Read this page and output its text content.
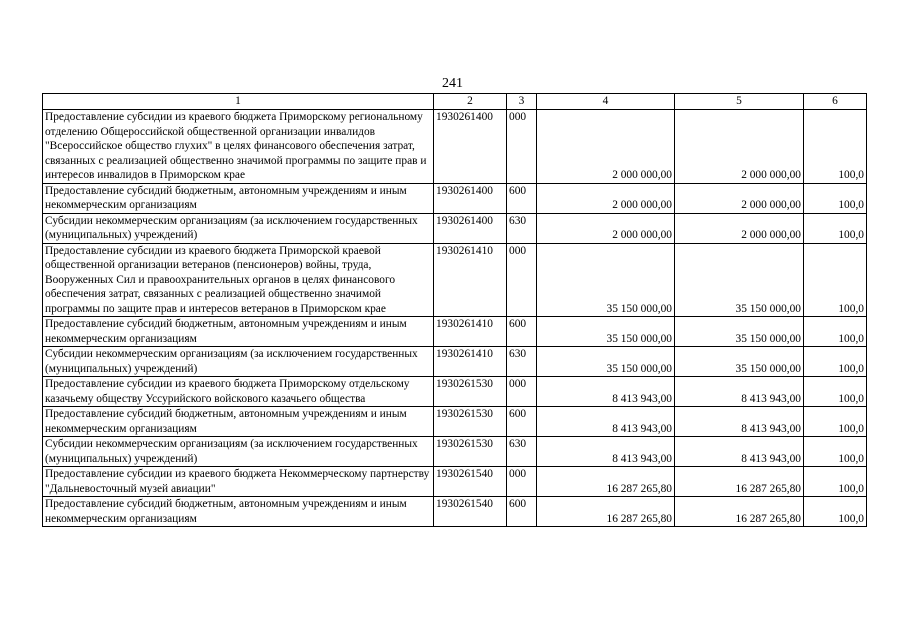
241
1	2	3	4	5	6
Предоставление субсидии из краевого бюджета Приморскому региональному отделению Общероссийской общественной организации инвалидов "Всероссийское общество глухих" в целях финансового обеспечения затрат, связанных с реализацией общественно значимой программы по защите прав и интересов инвалидов в Приморском крае	1930261400	000	2 000 000,00	2 000 000,00	100,0
Предоставление субсидий бюджетным, автономным учреждениям и иным некоммерческим организациям	1930261400	600	2 000 000,00	2 000 000,00	100,0
Субсидии некоммерческим организациям (за исключением государственных (муниципальных) учреждений)	1930261400	630	2 000 000,00	2 000 000,00	100,0
Предоставление субсидии из краевого бюджета Приморской краевой общественной организации ветеранов (пенсионеров) войны, труда, Вооруженных Сил и правоохранительных органов в целях финансового обеспечения затрат, связанных с реализацией общественно значимой программы по защите прав и интересов ветеранов в Приморском крае	1930261410	000	35 150 000,00	35 150 000,00	100,0
Предоставление субсидий бюджетным, автономным учреждениям и иным некоммерческим организациям	1930261410	600	35 150 000,00	35 150 000,00	100,0
Субсидии некоммерческим организациям (за исключением государственных (муниципальных) учреждений)	1930261410	630	35 150 000,00	35 150 000,00	100,0
Предоставление субсидии из краевого бюджета Приморскому отдельскому казачьему обществу Уссурийского войскового казачьего общества	1930261530	000	8 413 943,00	8 413 943,00	100,0
Предоставление субсидий бюджетным, автономным учреждениям и иным некоммерческим организациям	1930261530	600	8 413 943,00	8 413 943,00	100,0
Субсидии некоммерческим организациям (за исключением государственных (муниципальных) учреждений)	1930261530	630	8 413 943,00	8 413 943,00	100,0
Предоставление субсидии из краевого бюджета Некоммерческому партнерству "Дальневосточный музей авиации"	1930261540	000	16 287 265,80	16 287 265,80	100,0
Предоставление субсидий бюджетным, автономным учреждениям и иным некоммерческим организациям	1930261540	600	16 287 265,80	16 287 265,80	100,0
